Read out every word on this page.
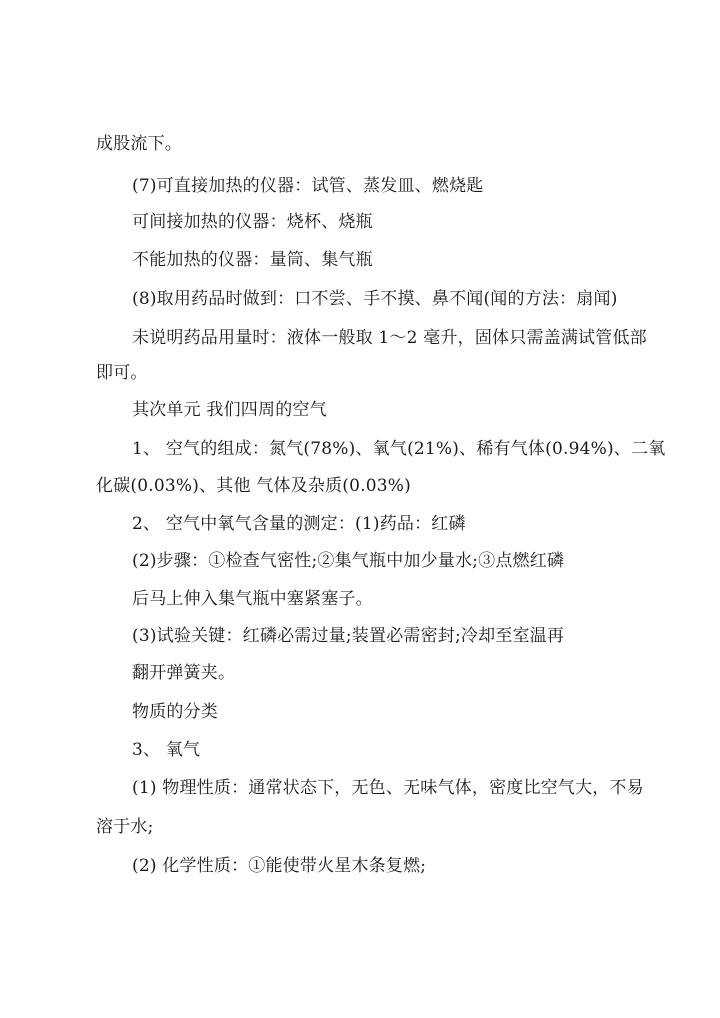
成股流下。
(7)可直接加热的仪器：试管、蒸发皿、燃烧匙
可间接加热的仪器：烧杯、烧瓶
不能加热的仪器：量筒、集气瓶
(8)取用药品时做到：口不尝、手不摸、鼻不闻(闻的方法：扇闻)
未说明药品用量时：液体一般取 1～2 毫升，固体只需盖满试管低部
即可。
其次单元 我们四周的空气
1、 空气的组成：氮气(78%)、氧气(21%)、稀有气体(0.94%)、二氧
化碳(0.03%)、其他 气体及杂质(0.03%)
2、 空气中氧气含量的测定：(1)药品：红磷
(2)步骤：①检查气密性;②集气瓶中加少量水;③点燃红磷
后马上伸入集气瓶中塞紧塞子。
(3)试验关键：红磷必需过量;装置必需密封;冷却至室温再
翻开弹簧夹。
物质的分类
3、 氧气
(1) 物理性质：通常状态下，无色、无味气体，密度比空气大，不易
溶于水;
(2) 化学性质：①能使带火星木条复燃;
